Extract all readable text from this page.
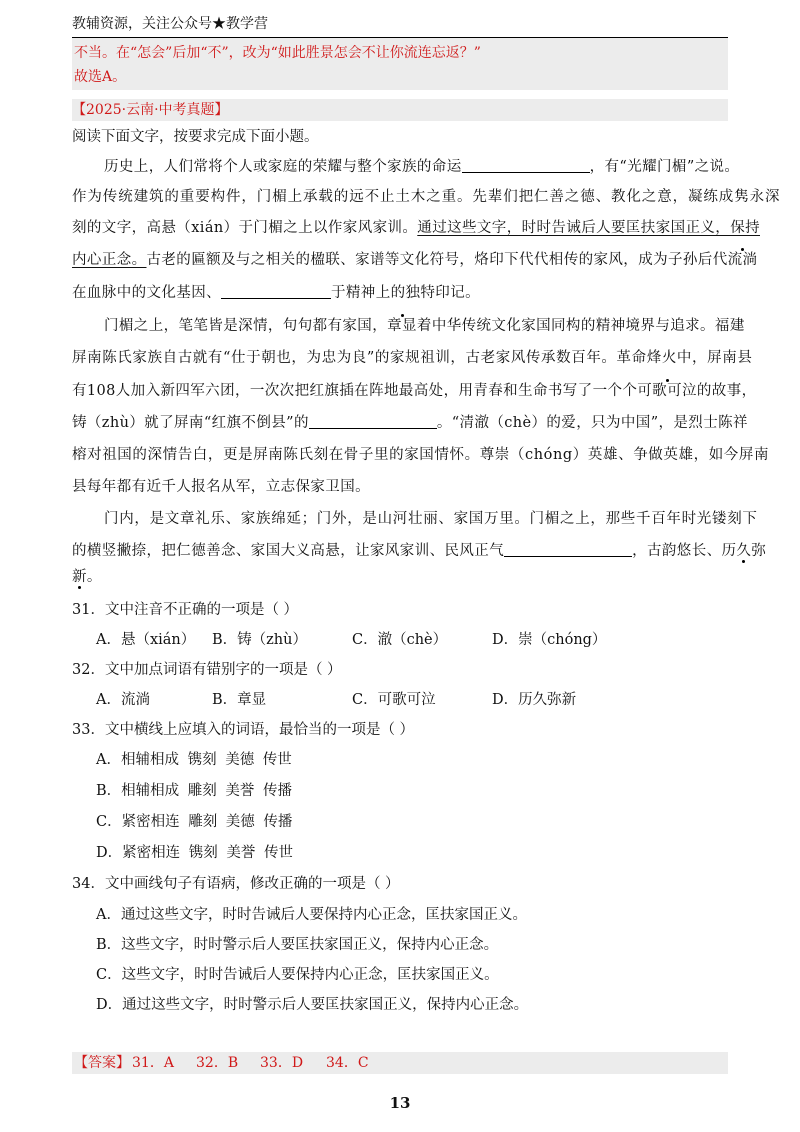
教辅资源，关注公众号★教学营
不当。在“怎会”后加“不”，改为“如此胜景怎会不让你流连忘返？”
故选A。
【2025·云南·中考真题】
阅读下面文字，按要求完成下面小题。
历史上，人们常将个人或家庭的荣耀与整个家族的命运	，有“光耀门楣”之说。
作为传统建筑的重要构件，门楣上承载的远不止土木之重。先辈们把仁善之德、教化之意，凝练成隽永深
刻的文字，高悬（xián）于门楣之上以作家风家训。通过这些文字，时时告诫后人要匡扶家国正义，保持
内心正念。古老的匾额及与之相关的楹联、家谱等文化符号，烙印下代代相传的家风，成为子孙后代流淌
在血脉中的文化基因、	于精神上的独特印记。
门楣之上，笔笔皆是深情，句句都有家国，章显着中华传统文化家国同构的精神境界与追求。福建
屏南陈氏家族自古就有“仕于朝也，为忠为良”的家规祖训，古老家风传承数百年。革命烽火中，屏南县
有108人加入新四军六团，一次次把红旗插在阵地最高处，用青春和生命书写了一个个可歌可泣的故事，
铸（zhù）就了屏南“红旗不倒县”的	。“清澈（chè）的爱，只为中国”，是烈士陈祥
榕对祖国的深情告白，更是屏南陈氏刻在骨子里的家国情怀。尊崇（chóng）英雄、争做英雄，如今屏南
县每年都有近千人报名从军，立志保家卫国。
门内，是文章礼乐、家族绵延；门外，是山河壮丽、家国万里。门楣之上，那些千百年时光镂刻下
的横竖撇捺，把仁德善念、家国大义高悬，让家风家训、民风正气	，古韵悠长、历久弥
新。
31．文中注音不正确的一项是（ ）
A．悬（xián） B．铸（zhù）	C．澈（chè）	D．崇（chóng）
32．文中加点词语有错别字的一项是（ ）
A．流淌	B．章显	C．可歌可泣	D．历久弥新
33．文中横线上应填入的词语，最恰当的一项是（ ）
A．相辅相成 镌刻 美德 传世
B．相辅相成 雕刻 美誉 传播
C．紧密相连 雕刻 美德 传播
D．紧密相连 镌刻 美誉 传世
34．文中画线句子有语病，修改正确的一项是（ ）
A．通过这些文字，时时告诫后人要保持内心正念，匡扶家国正义。
B．这些文字，时时警示后人要匡扶家国正义，保持内心正念。
C．这些文字，时时告诫后人要保持内心正念，匡扶家国正义。
D．通过这些文字，时时警示后人要匡扶家国正义，保持内心正念。
【答案】 31．A 32．B 33．D 34．C
13
